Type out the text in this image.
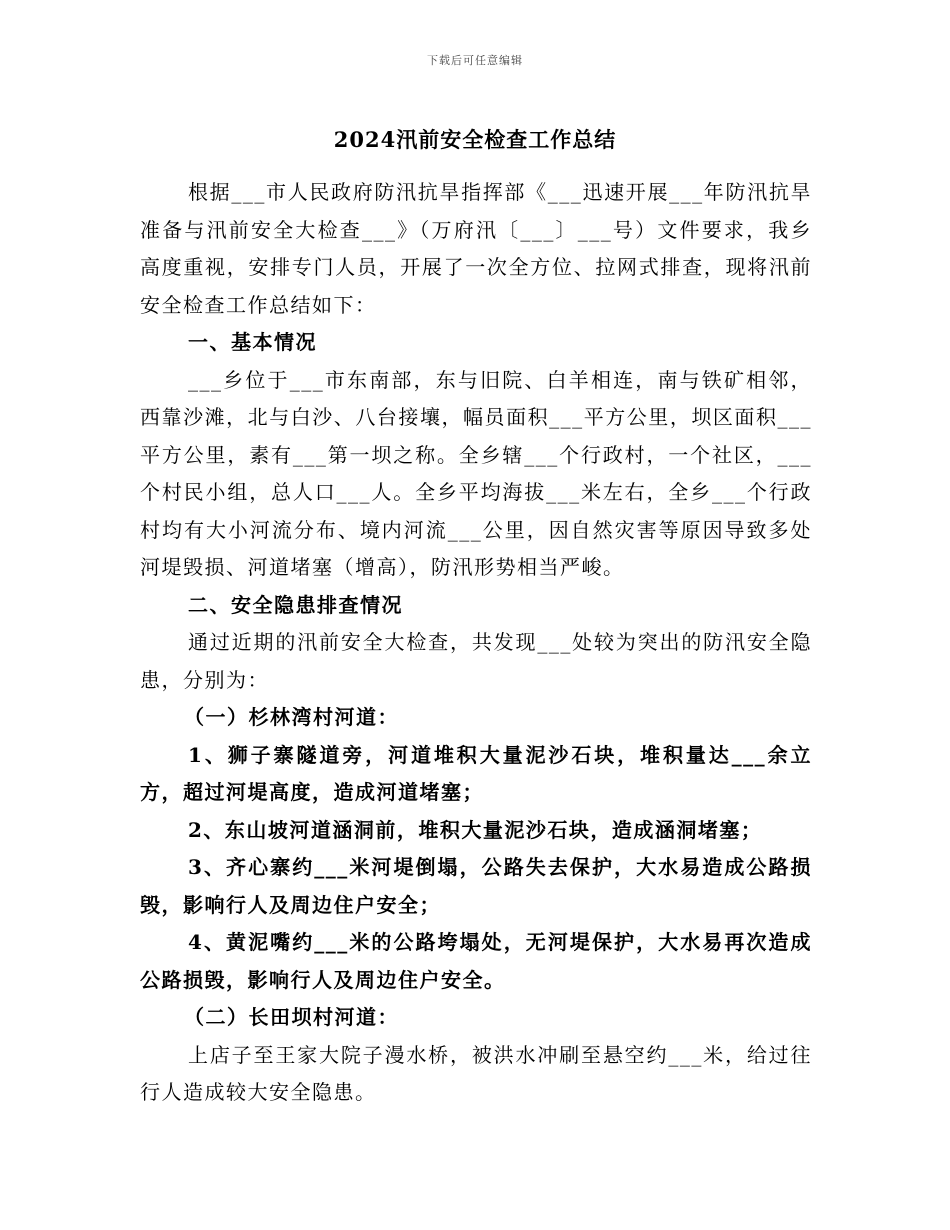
下载后可任意编辑
2024汛前安全检查工作总结

根据___市人民政府防汛抗旱指挥部《___迅速开展___年防汛抗旱准备与汛前安全大检查___》（万府汛〔___〕___号）文件要求，我乡高度重视，安排专门人员，开展了一次全方位、拉网式排查，现将汛前安全检查工作总结如下：

一、基本情况

___乡位于___市东南部，东与旧院、白羊相连，南与铁矿相邻，西靠沙滩，北与白沙、八台接壤，幅员面积___平方公里，坝区面积___平方公里，素有___第一坝之称。全乡辖___个行政村，一个社区，___个村民小组，总人口___人。全乡平均海拔___米左右，全乡___个行政村均有大小河流分布、境内河流___公里，因自然灾害等原因导致多处河堤毁损、河道堵塞（增高），防汛形势相当严峻。

二、安全隐患排查情况

通过近期的汛前安全大检查，共发现___处较为突出的防汛安全隐患，分别为：

（一）杉林湾村河道：

1、狮子寨隧道旁，河道堆积大量泥沙石块，堆积量达___余立方，超过河堤高度，造成河道堵塞；

2、东山坡河道涵洞前，堆积大量泥沙石块，造成涵洞堵塞；

3、齐心寨约___米河堤倒塌，公路失去保护，大水易造成公路损毁，影响行人及周边住户安全；

4、黄泥嘴约___米的公路垮塌处，无河堤保护，大水易再次造成公路损毁，影响行人及周边住户安全。

（二）长田坝村河道：

上店子至王家大院子漫水桥，被洪水冲刷至悬空约___米，给过往行人造成较大安全隐患。
